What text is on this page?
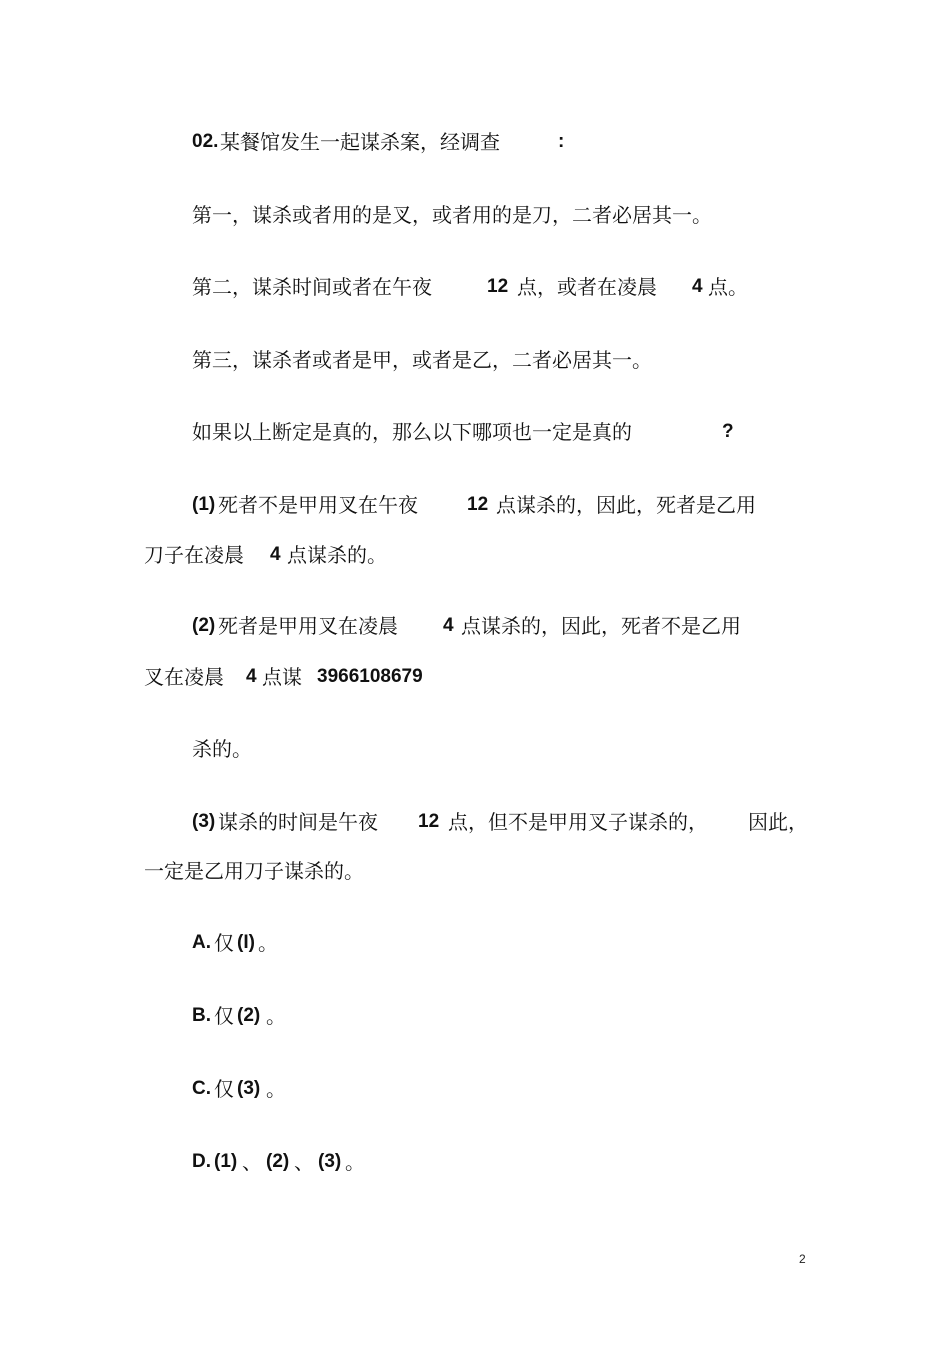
02. 某餐馆发生一起谋杀案，经调查	:
第一，谋杀或者用的是叉，或者用的是刀，二者必居其一。
第二，谋杀时间或者在午夜	12 点，或者在凌晨 4 点。
第三，谋杀者或者是甲，或者是乙，二者必居其一。
如果以上断定是真的，那么以下哪项也一定是真的	?
(1) 死者不是甲用叉在午夜	12 点谋杀的，因此，死者是乙用
刀子在凌晨 4 点谋杀的。
(2) 死者是甲用叉在凌晨 4 点谋杀的，因此，死者不是乙用
叉在凌晨 4 点谋 3966108679
杀的。
(3) 谋杀的时间是午夜 12 点，但不是甲用叉子谋杀的， 因此，
一定是乙用刀子谋杀的。
A. 仅 (I) 。
B. 仅 (2) 。
C. 仅 (3) 。
D. (1) 、 (2) 、 (3) 。
2
